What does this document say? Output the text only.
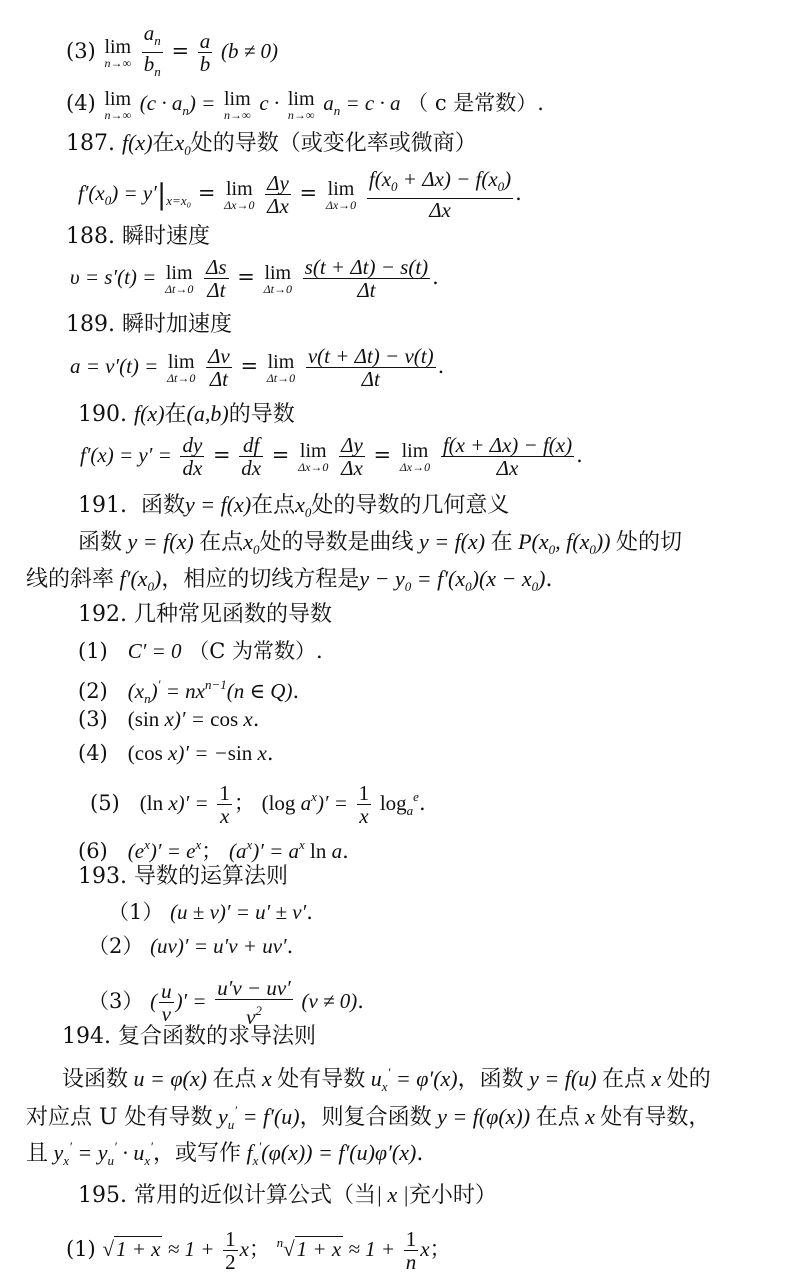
(3) lim
n→∞
$\frac{a_n}{b_n} = \frac{a}{b} (b \ne 0)$
(4) lim
n→∞ $(c \cdot a_n) = \lim$
n→∞ c · lim
n→∞ $a_n = c \cdot a$ （ c 是常数）.
187. f(x)在$x_0$处的导数（或变化率或微商）
$f'(x_0) = y'|_{x=x_0} = \lim$
Δx→0
$\frac{\Delta y}{\Delta x} = \lim$
Δx→0
$\frac{f(x_0 + \Delta x) - f(x_0)}{\Delta x}$ .
188. 瞬时速度
υ = s′(t) = lim
Δt→0
$\frac{\Delta s}{\Delta t} = \lim$
Δt→0
$\frac{s(t + \Delta t) - s(t)}{\Delta t}$ .
189. 瞬时加速度
a = v′(t) = lim
Δt→0
$\frac{\Delta v}{\Delta t} = \lim$
Δt→0
$\frac{v(t + \Delta t) - v(t)}{\Delta t}$ .
190. f(x)在(a,b)的导数
$f'(x) = y' = \frac{dy}{dx} = \frac{df}{dx} = \lim$
Δx→0
$\frac{\Delta y}{\Delta x} = \lim$
Δx→0
$\frac{f(x + \Delta x) - f(x)}{\Delta x}$ .
191. 函数y = f(x)在点$x_0$处的导数的几何意义
函数 y = f(x) 在点$x_0$处的导数是曲线 y = f(x) 在 $P(x_0$, $f(x_0)$) 处的切
线的斜率 $f'(x_0)$，相应的切线方程是$y - y_0 = f'(x_0)(x - x_0)$.
192. 几种常见函数的导数
(1) C′ = 0 （C 为常数）.
(2) $(x_n)' = nx^{n-1}(n$ ∈ Q).
(3) (sin x)′ = cos x.
(4) (cos x)′ = −sin x.
(5) (ln $x)' = \frac{1}{x}$ ； (log $a^x)' = \frac{1}{x} \log_a^e$.
(6) $(e^x)' = e^x$； $(a^x)' = a^x$ ln a.
193. 导数的运算法则
（1） (u ± v)′ = u′ ± v′.
（2） (uv)′ = u′v + uv′.
（3） ( $\frac{u}{v}$ )′ = $\frac{u'v - uv'}{v^2} (v \ne 0)$.
194. 复合函数的求导法则
设函数 u = φ(x) 在点 x 处有导数 $u_x' = \varphi'(x)$，函数 y = f(u) 在点 x 处的
对应点 U 处有导数 $y_u' = f'(u)$，则复合函数 y = f(φ(x)) 在点 x 处有导数，
且 $y_x' = y_u' \cdot u_x'$，或写作 $f_x'(\varphi(x)) = f'(u)\varphi'(x)$.
195. 常用的近似计算公式（当| x |充小时）
(1) $√1 + x \approx 1 + \frac{1}{2}$ x； $^n√1 + x \approx 1 + \frac{1}{n}$ x；
